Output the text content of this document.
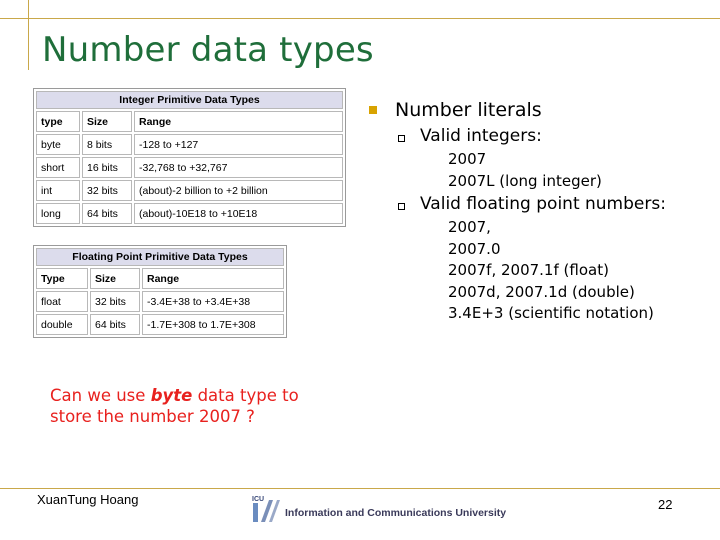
Number data types
Integer Primitive Data Types		
type	Size	Range
byte	8 bits	-128 to +127
short	16 bits	-32,768 to +32,767
int	32 bits	(about)-2 billion to +2 billion
long	64 bits	(about)-10E18 to +10E18
Floating Point Primitive Data Types		
Type	Size	Range
float	32 bits	-3.4E+38 to +3.4E+38
double	64 bits	-1.7E+308 to 1.7E+308
Number literals
Valid integers:
2007
2007L (long integer)
Valid floating point numbers:
2007,
2007.0
2007f, 2007.1f (float)
2007d, 2007.1d (double)
3.4E+3 (scientific notation)
Can we use byte data type to store the number 2007 ?
XuanTung Hoang	ICU
Information and Communications University
22
